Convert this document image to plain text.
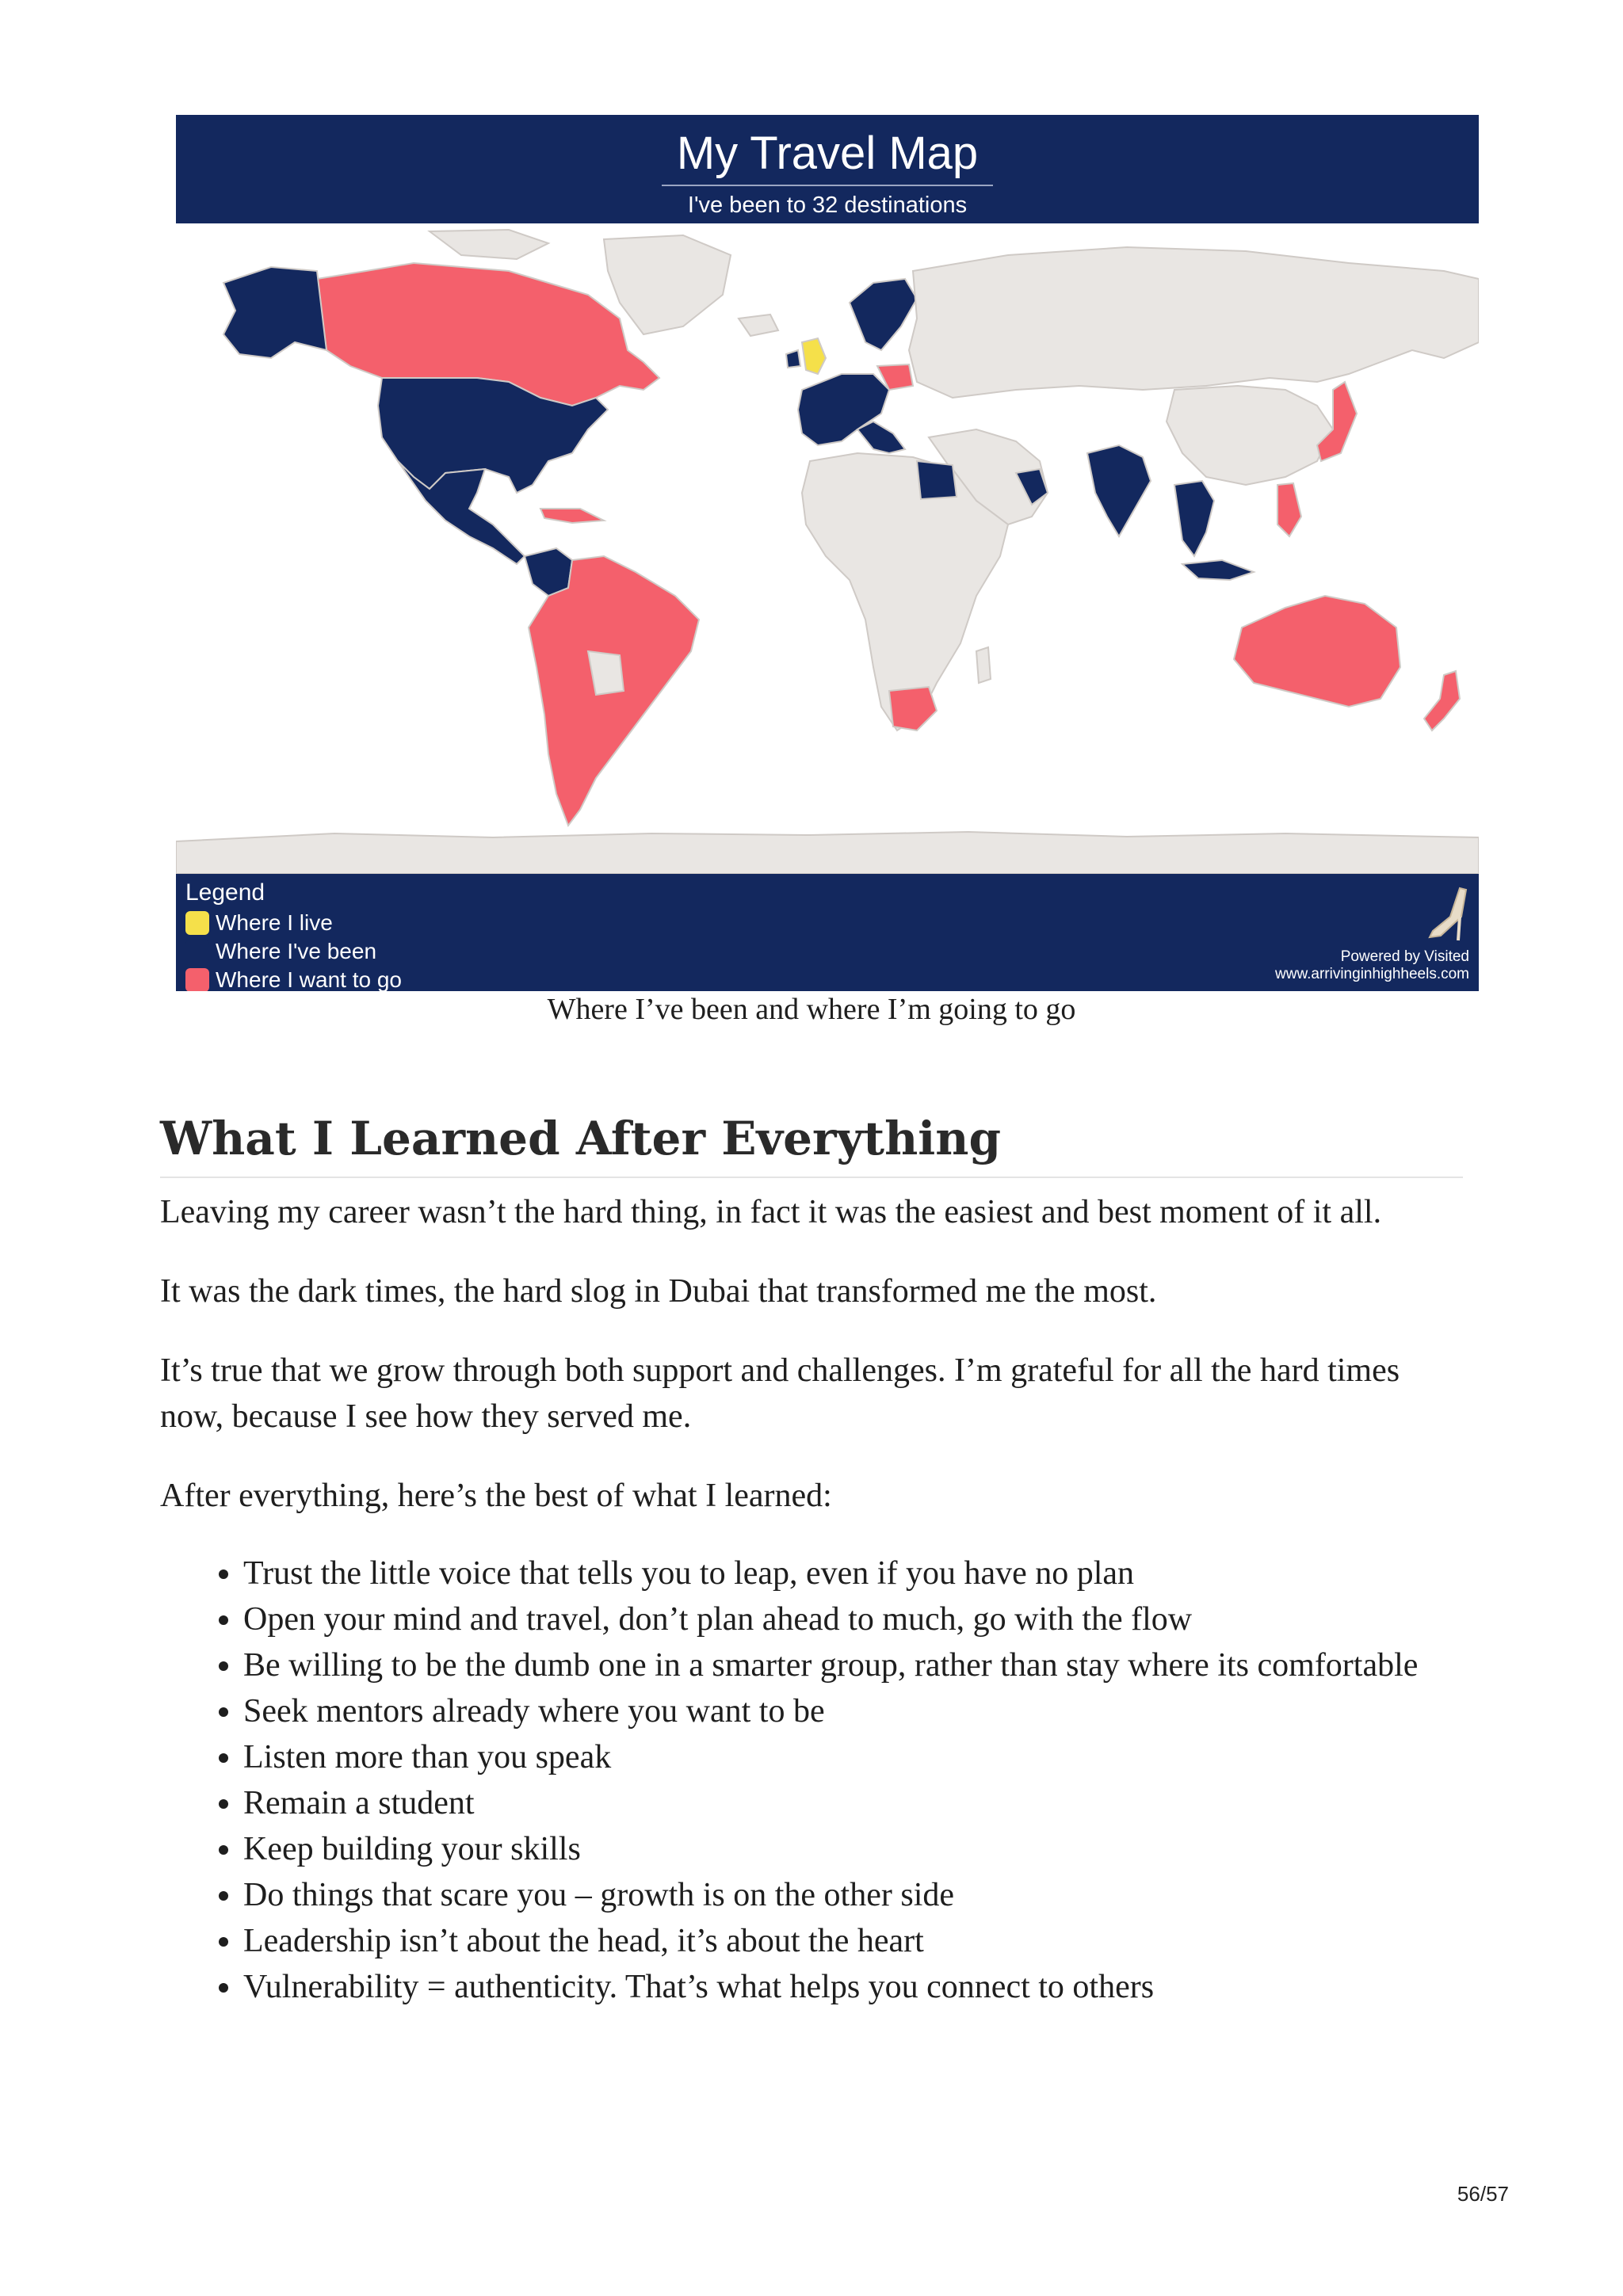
My Travel Map
I've been to 32 destinations
Legend
Where I live
Where I've been
Where I want to go
Powered by Visited
www.arrivinginhighheels.com
Where I’ve been and where I’m going to go
What I Learned After Everything

Leaving my career wasn’t the hard thing, in fact it was the easiest and best moment of it all.

It was the dark times, the hard slog in Dubai that transformed me the most.

It’s true that we grow through both support and challenges. I’m grateful for all the hard times now, because I see how they served me.

After everything, here’s the best of what I learned:

• Trust the little voice that tells you to leap, even if you have no plan
• Open your mind and travel, don’t plan ahead to much, go with the flow
• Be willing to be the dumb one in a smarter group, rather than stay where its comfortable
• Seek mentors already where you want to be
• Listen more than you speak
• Remain a student
• Keep building your skills
• Do things that scare you – growth is on the other side
• Leadership isn’t about the head, it’s about the heart
• Vulnerability = authenticity. That’s what helps you connect to others
56/57
